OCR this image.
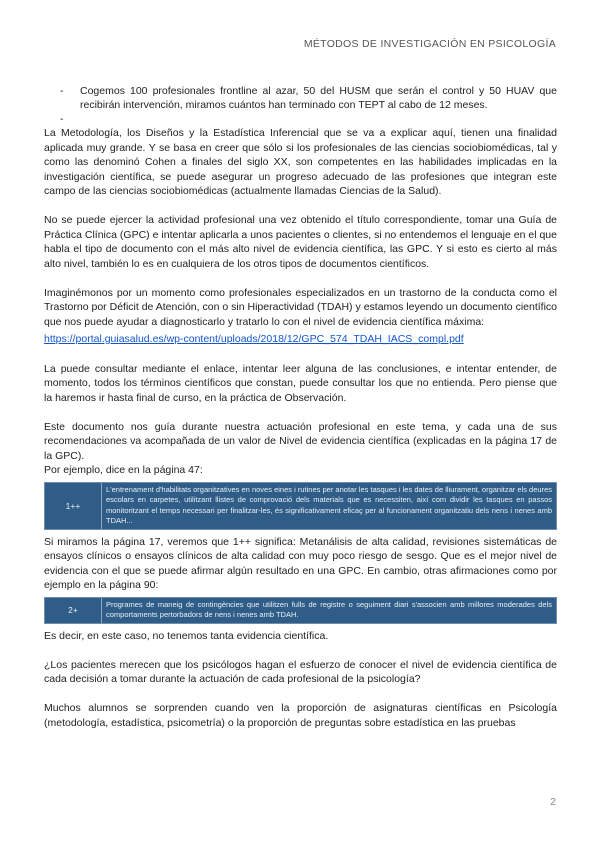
MÉTODOS DE INVESTIGACIÓN EN PSICOLOGÍA
- Cogemos 100 profesionales frontline al azar, 50 del HUSM que serán el control y 50 HUAV que recibirán intervención, miramos cuántos han terminado con TEPT al cabo de 12 meses.
-

La Metodología, los Diseños y la Estadística Inferencial que se va a explicar aquí, tienen una finalidad aplicada muy grande. Y se basa en creer que sólo si los profesionales de las ciencias sociobiomédicas, tal y como las denominó Cohen a finales del siglo XX, son competentes en las habilidades implicadas en la investigación científica, se puede asegurar un progreso adecuado de las profesiones que integran este campo de las ciencias sociobiomédicas (actualmente llamadas Ciencias de la Salud).

No se puede ejercer la actividad profesional una vez obtenido el título correspondiente, tomar una Guía de Práctica Clínica (GPC) e intentar aplicarla a unos pacientes o clientes, si no entendemos el lenguaje en el que habla el tipo de documento con el más alto nivel de evidencia científica, las GPC. Y si esto es cierto al más alto nivel, también lo es en cualquiera de los otros tipos de documentos científicos.

Imaginémonos por un momento como profesionales especializados en un trastorno de la conducta como el Trastorno por Déficit de Atención, con o sin Hiperactividad (TDAH) y estamos leyendo un documento científico que nos puede ayudar a diagnosticarlo y tratarlo lo con el nivel de evidencia científica máxima:

https://portal.guiasalud.es/wp-content/uploads/2018/12/GPC_574_TDAH_IACS_compl.pdf

La puede consultar mediante el enlace, intentar leer alguna de las conclusiones, e intentar entender, de momento, todos los términos científicos que constan, puede consultar los que no entienda. Pero piense que la haremos ir hasta final de curso, en la práctica de Observación.

Este documento nos guía durante nuestra actuación profesional en este tema, y cada una de sus recomendaciones va acompañada de un valor de Nivel de evidencia científica (explicadas en la página 17 de la GPC).

Por ejemplo, dice en la página 47:

1++
L'entrenament d'habilitats organitzatives en noves eines i rutines per anotar les tasques i les dates de lliurament, organitzar els deures escolars en carpetes, utilitzant llistes de comprovació dels materials que es necessiten, així com dividir les tasques en passos monitoritzant el temps necessari per finalitzar-les, és significativament eficaç per al funcionament organitzatiu dels nens i nenes amb TDAH...

Si miramos la página 17, veremos que 1++ significa: Metanálisis de alta calidad, revisiones sistemáticas de ensayos clínicos o ensayos clínicos de alta calidad con muy poco riesgo de sesgo. Que es el mejor nivel de evidencia con el que se puede afirmar algún resultado en una GPC. En cambio, otras afirmaciones como por ejemplo en la página 90:

2+
Programes de maneig de contingències que utilitzen fulls de registre o seguiment diari s'associen amb millores moderades dels comportaments pertorbadors de nens i nenes amb TDAH.

Es decir, en este caso, no tenemos tanta evidencia científica.

¿Los pacientes merecen que los psicólogos hagan el esfuerzo de conocer el nivel de evidencia científica de cada decisión a tomar durante la actuación de cada profesional de la psicología?

Muchos alumnos se sorprenden cuando ven la proporción de asignaturas científicas en Psicología (metodología, estadística, psicometría) o la proporción de preguntas sobre estadística en las pruebas

2
